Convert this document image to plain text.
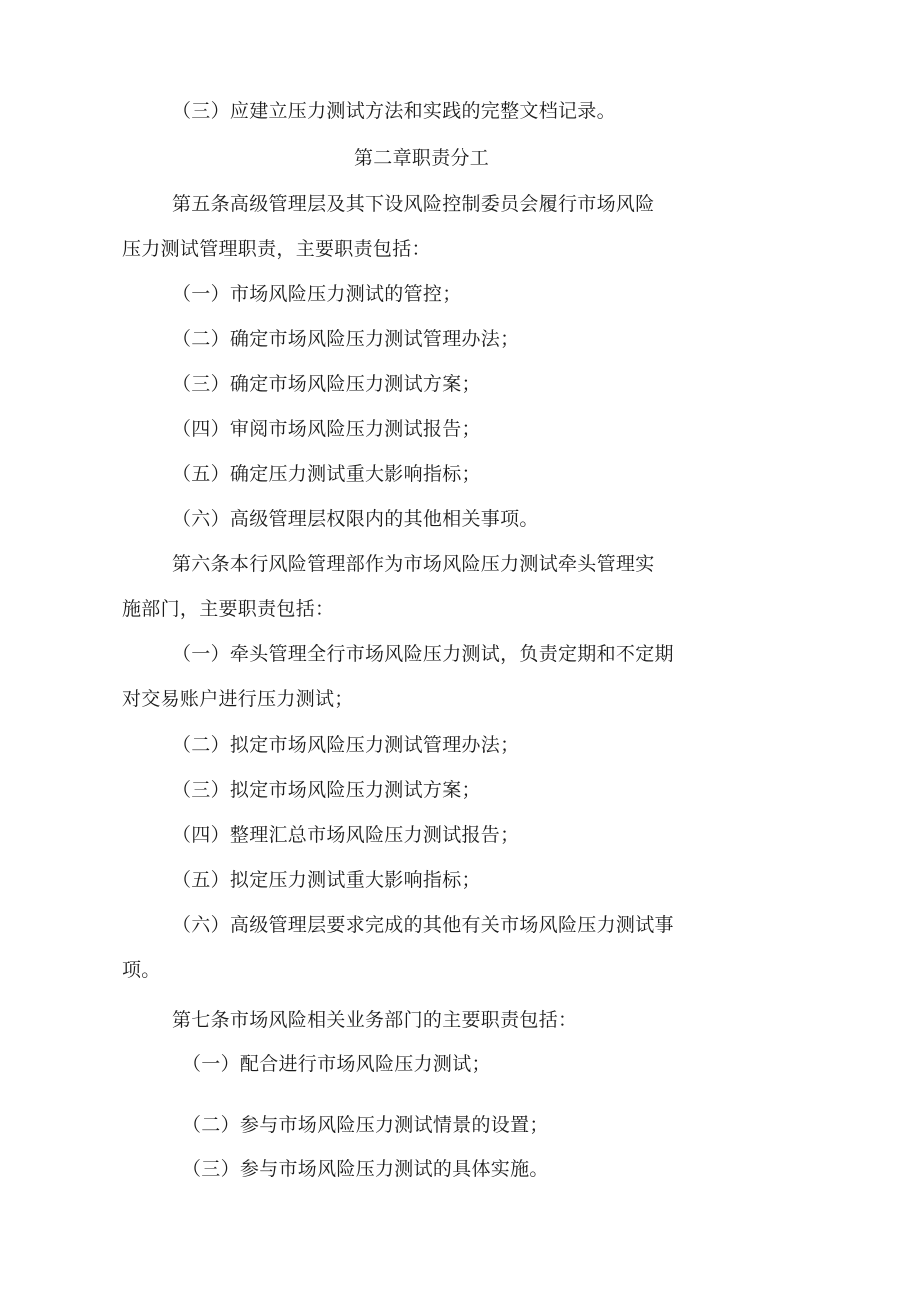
（三）应建立压力测试方法和实践的完整文档记录。
第二章职责分工
第五条高级管理层及其下设风险控制委员会履行市场风险
压力测试管理职责，主要职责包括：
（一）市场风险压力测试的管控；
（二）确定市场风险压力测试管理办法；
（三）确定市场风险压力测试方案；
（四）审阅市场风险压力测试报告；
（五）确定压力测试重大影响指标；
（六）高级管理层权限内的其他相关事项。
第六条本行风险管理部作为市场风险压力测试牵头管理实
施部门，主要职责包括：
（一）牵头管理全行市场风险压力测试，负责定期和不定期
对交易账户进行压力测试；
（二）拟定市场风险压力测试管理办法；
（三）拟定市场风险压力测试方案；
（四）整理汇总市场风险压力测试报告；
（五）拟定压力测试重大影响指标；
（六）高级管理层要求完成的其他有关市场风险压力测试事
项。
第七条市场风险相关业务部门的主要职责包括：
（一）配合进行市场风险压力测试；
（二）参与市场风险压力测试情景的设置；
（三）参与市场风险压力测试的具体实施。
